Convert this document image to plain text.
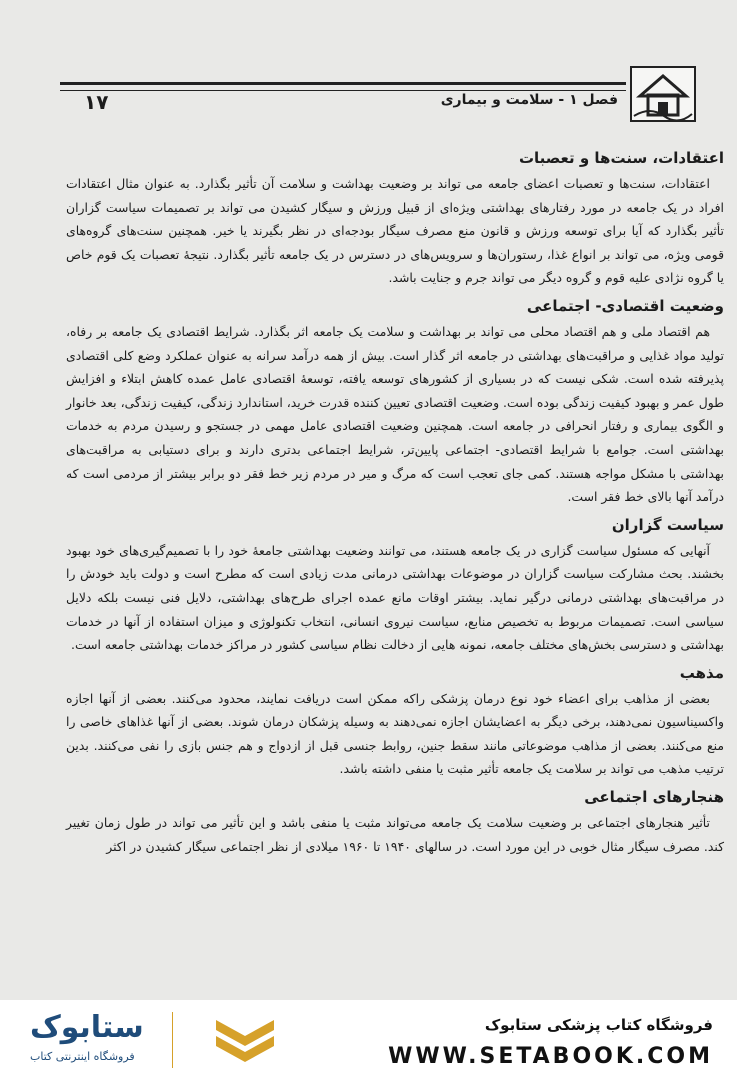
۱۷	فصل ۱ - سلامت و بیماری
اعتقادات، سنت‌ها و تعصبات

اعتقادات، سنت‌ها و تعصبات اعضای جامعه می تواند بر وضعیت بهداشت و سلامت آن تأثیر بگذارد. به عنوان مثال اعتقادات افراد در یک جامعه در مورد رفتارهای بهداشتی ویژه‌ای از قبیل ورزش و سیگار کشیدن می تواند بر تصمیمات سیاست گزاران تأثیر بگذارد که آیا برای توسعه ورزش و قانون منع مصرف سیگار بودجه‌ای در نظر بگیرند یا خیر. همچنین سنت‌های گروه‌های قومی ویژه، می تواند بر انواع غذا، رستوران‌ها و سرویس‌های در دسترس در یک جامعه تأثیر بگذارد. نتیجهٔ تعصبات یک قوم خاص یا گروه نژادی علیه قوم و گروه دیگر می تواند جرم و جنایت باشد.

وضعیت اقتصادی- اجتماعی

هم اقتصاد ملی و هم اقتصاد محلی می تواند بر بهداشت و سلامت یک جامعه اثر بگذارد. شرایط اقتصادی یک جامعه بر رفاه، تولید مواد غذایی و مراقبت‌های بهداشتی در جامعه اثر گذار است. بیش از همه درآمد سرانه به عنوان عملکرد وضع کلی اقتصادی پذیرفته شده است. شکی نیست که در بسیاری از کشورهای توسعه یافته، توسعهٔ اقتصادی عامل عمده کاهش ابتلاء و افزایش طول عمر و بهبود کیفیت زندگی بوده است. وضعیت اقتصادی تعیین کننده قدرت خرید، استاندارد زندگی، کیفیت زندگی، بعد خانوار و الگوی بیماری و رفتار انحرافی در جامعه است. همچنین وضعیت اقتصادی عامل مهمی در جستجو و رسیدن مردم به خدمات بهداشتی است. جوامع با شرایط اقتصادی- اجتماعی پایین‌تر، شرایط اجتماعی بدتری دارند و برای دستیابی به مراقبت‌های بهداشتی با مشکل مواجه هستند. کمی جای تعجب است که مرگ و میر در مردم زیر خط فقر دو برابر بیشتر از مردمی است که درآمد آنها بالای خط فقر است.

سیاست گزاران

آنهایی که مسئول سیاست گزاری در یک جامعه هستند، می توانند وضعیت بهداشتی جامعهٔ خود را با تصمیم‌گیری‌های خود بهبود بخشند. بحث مشارکت سیاست گزاران در موضوعات بهداشتی درمانی مدت زیادی است که مطرح است و دولت باید خودش را در مراقبت‌های بهداشتی درمانی درگیر نماید. بیشتر اوقات مانع عمده اجرای طرح‌های بهداشتی، دلایل فنی نیست بلکه دلایل سیاسی است. تصمیمات مربوط به تخصیص منابع، سیاست نیروی انسانی، انتخاب تکنولوژی و میزان استفاده از آنها در خدمات بهداشتی و دسترسی بخش‌های مختلف جامعه، نمونه هایی از دخالت نظام سیاسی کشور در مراکز خدمات بهداشتی جامعه است.

مذهب

بعضی از مذاهب برای اعضاء خود نوع درمان پزشکی راکه ممکن است دریافت نمایند، محدود می‌کنند. بعضی از آنها اجازه واکسیناسیون نمی‌دهند، برخی دیگر به اعضایشان اجازه نمی‌دهند به وسیله پزشکان درمان شوند. بعضی از آنها غذاهای خاصی را منع می‌کنند. بعضی از مذاهب موضوعاتی مانند سقط جنین، روابط جنسی قبل از ازدواج و هم جنس بازی را نفی می‌کنند. بدین ترتیب مذهب می تواند بر سلامت یک جامعه تأثیر مثبت یا منفی داشته باشد.

هنجارهای اجتماعی

تأثیر هنجارهای اجتماعی بر وضعیت سلامت یک جامعه می‌تواند مثبت یا منفی باشد و این تأثیر می تواند در طول زمان تغییر کند. مصرف سیگار مثال خوبی در این مورد است. در سالهای ۱۹۴۰ تا ۱۹۶۰ میلادی از نظر اجتماعی سیگار کشیدن در اکثر

ستابوک
فروشگاه اینترنتی کتاب
فروشگاه کتاب پزشکی ستابوک
WWW.SETABOOK.COM
